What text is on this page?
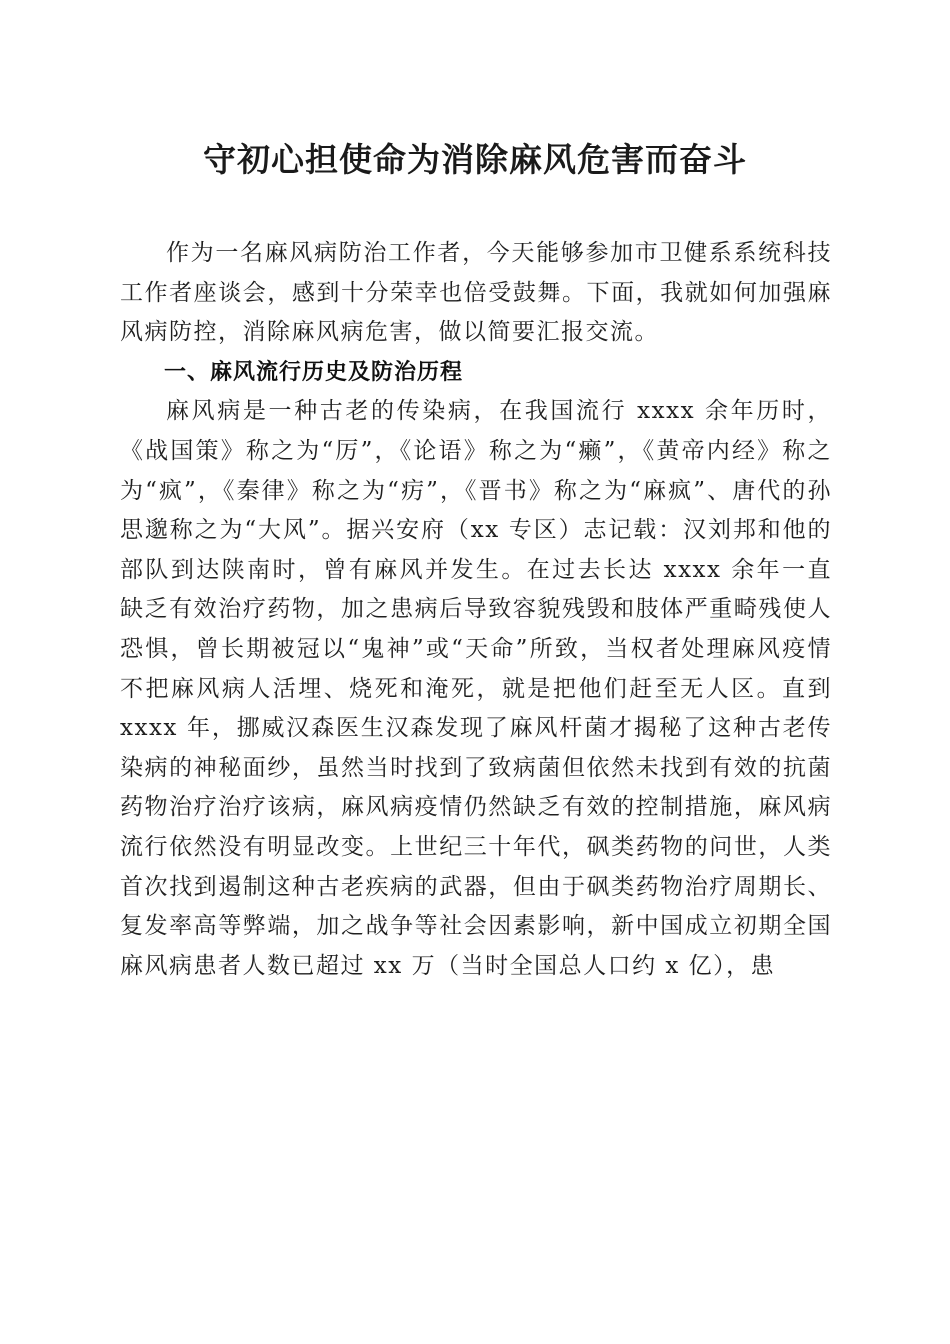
守初心担使命为消除麻风危害而奋斗

作为一名麻风病防治工作者，今天能够参加市卫健系系统科技工作者座谈会，感到十分荣幸也倍受鼓舞。下面，我就如何加强麻风病防控，消除麻风病危害，做以简要汇报交流。

一、麻风流行历史及防治历程

麻风病是一种古老的传染病，在我国流行 xxxx 余年历时，《战国策》称之为“厉”，《论语》称之为“癞”，《黄帝内经》称之为“疯”，《秦律》称之为“疠”，《晋书》称之为“麻疯”、唐代的孙思邈称之为“大风”。据兴安府（xx 专区）志记载：汉刘邦和他的部队到达陕南时，曾有麻风并发生。在过去长达 xxxx 余年一直缺乏有效治疗药物，加之患病后导致容貌残毁和肢体严重畸残使人恐惧，曾长期被冠以“鬼神”或“天命”所致，当权者处理麻风疫情不把麻风病人活埋、烧死和淹死，就是把他们赶至无人区。直到 xxxx 年，挪威汉森医生汉森发现了麻风杆菌才揭秘了这种古老传染病的神秘面纱，虽然当时找到了致病菌但依然未找到有效的抗菌药物治疗治疗该病，麻风病疫情仍然缺乏有效的控制措施，麻风病流行依然没有明显改变。上世纪三十年代，砜类药物的问世，人类首次找到遏制这种古老疾病的武器，但由于砜类药物治疗周期长、复发率高等弊端，加之战争等社会因素影响，新中国成立初期全国麻风病患者人数已超过 xx 万（当时全国总人口约 x 亿），患
